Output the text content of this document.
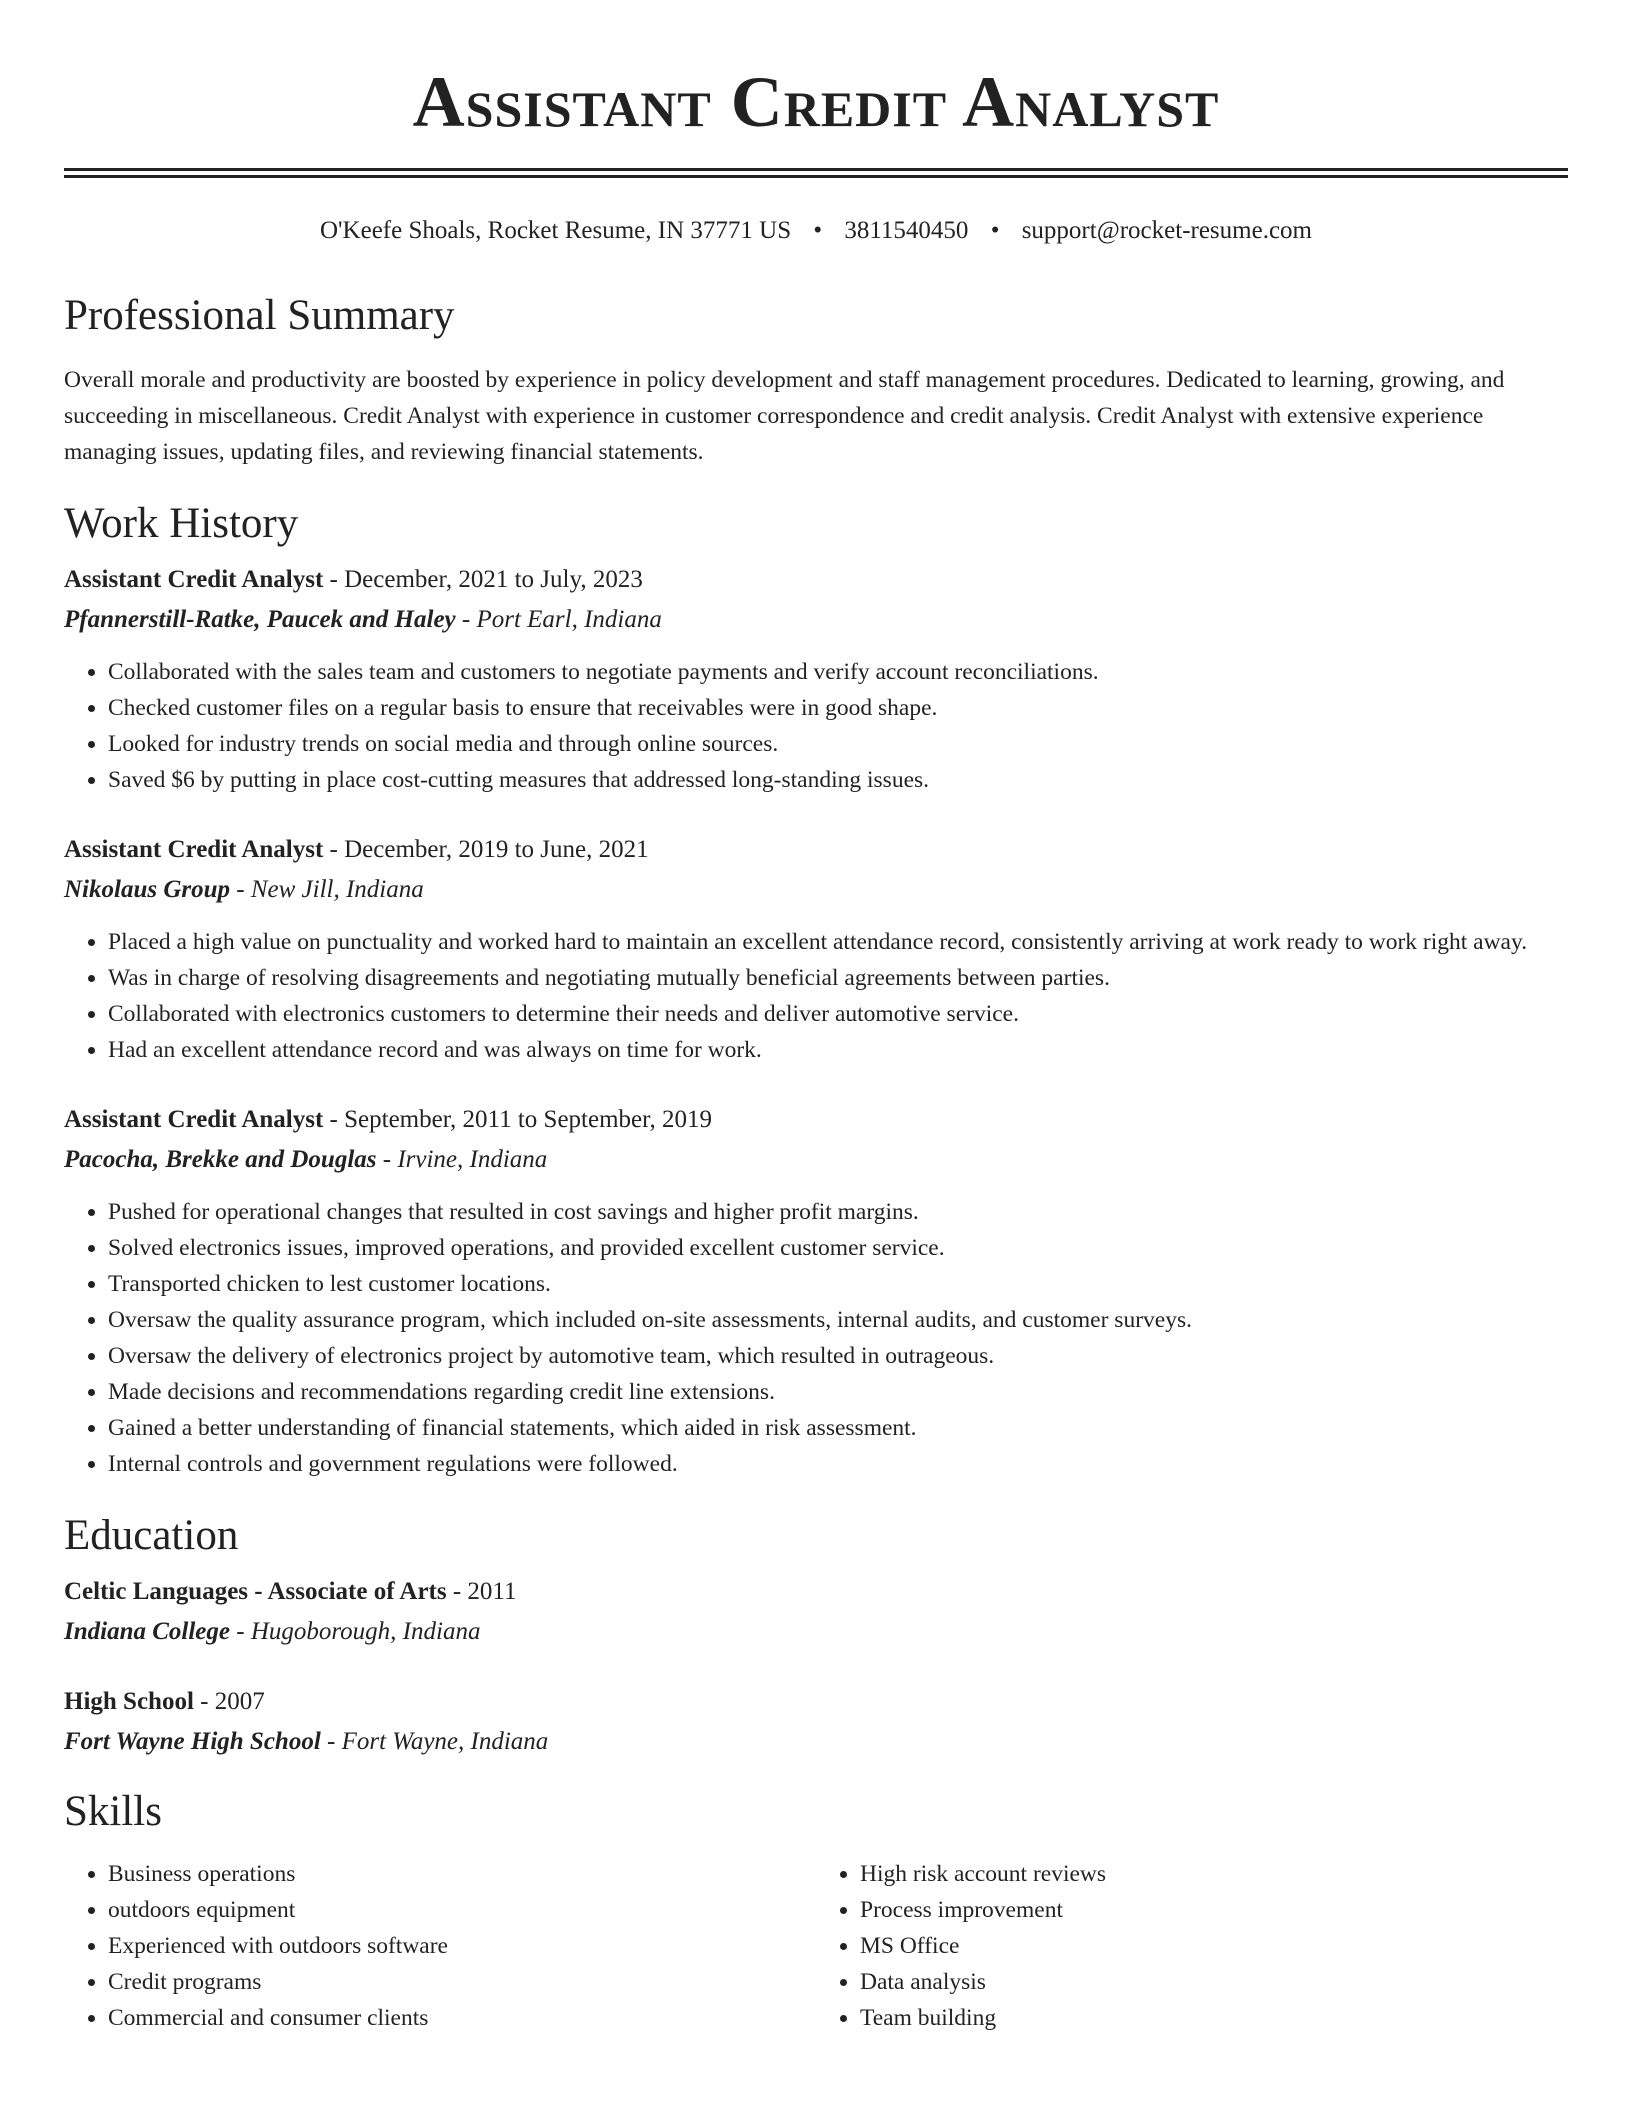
Assistant Credit Analyst
O'Keefe Shoals, Rocket Resume, IN 37771 US • 3811540450 • support@rocket-resume.com
Professional Summary

Overall morale and productivity are boosted by experience in policy development and staff management procedures. Dedicated to learning, growing, and succeeding in miscellaneous. Credit Analyst with experience in customer correspondence and credit analysis. Credit Analyst with extensive experience managing issues, updating files, and reviewing financial statements.

Work History
Assistant Credit Analyst - December, 2021 to July, 2023
Pfannerstill-Ratke, Paucek and Haley - Port Earl, Indiana
• Collaborated with the sales team and customers to negotiate payments and verify account reconciliations.
• Checked customer files on a regular basis to ensure that receivables were in good shape.
• Looked for industry trends on social media and through online sources.
• Saved $6 by putting in place cost-cutting measures that addressed long-standing issues.
Assistant Credit Analyst - December, 2019 to June, 2021
Nikolaus Group - New Jill, Indiana
• Placed a high value on punctuality and worked hard to maintain an excellent attendance record, consistently arriving at work ready to work right away.
• Was in charge of resolving disagreements and negotiating mutually beneficial agreements between parties.
• Collaborated with electronics customers to determine their needs and deliver automotive service.
• Had an excellent attendance record and was always on time for work.
Assistant Credit Analyst - September, 2011 to September, 2019
Pacocha, Brekke and Douglas - Irvine, Indiana
• Pushed for operational changes that resulted in cost savings and higher profit margins.
• Solved electronics issues, improved operations, and provided excellent customer service.
• Transported chicken to lest customer locations.
• Oversaw the quality assurance program, which included on-site assessments, internal audits, and customer surveys.
• Oversaw the delivery of electronics project by automotive team, which resulted in outrageous.
• Made decisions and recommendations regarding credit line extensions.
• Gained a better understanding of financial statements, which aided in risk assessment.
• Internal controls and government regulations were followed.
Education
Celtic Languages - Associate of Arts - 2011
Indiana College - Hugoborough, Indiana
High School - 2007
Fort Wayne High School - Fort Wayne, Indiana
Skills
• Business operations
• outdoors equipment
• Experienced with outdoors software
• Credit programs
• Commercial and consumer clients
• High risk account reviews
• Process improvement
• MS Office
• Data analysis
• Team building
